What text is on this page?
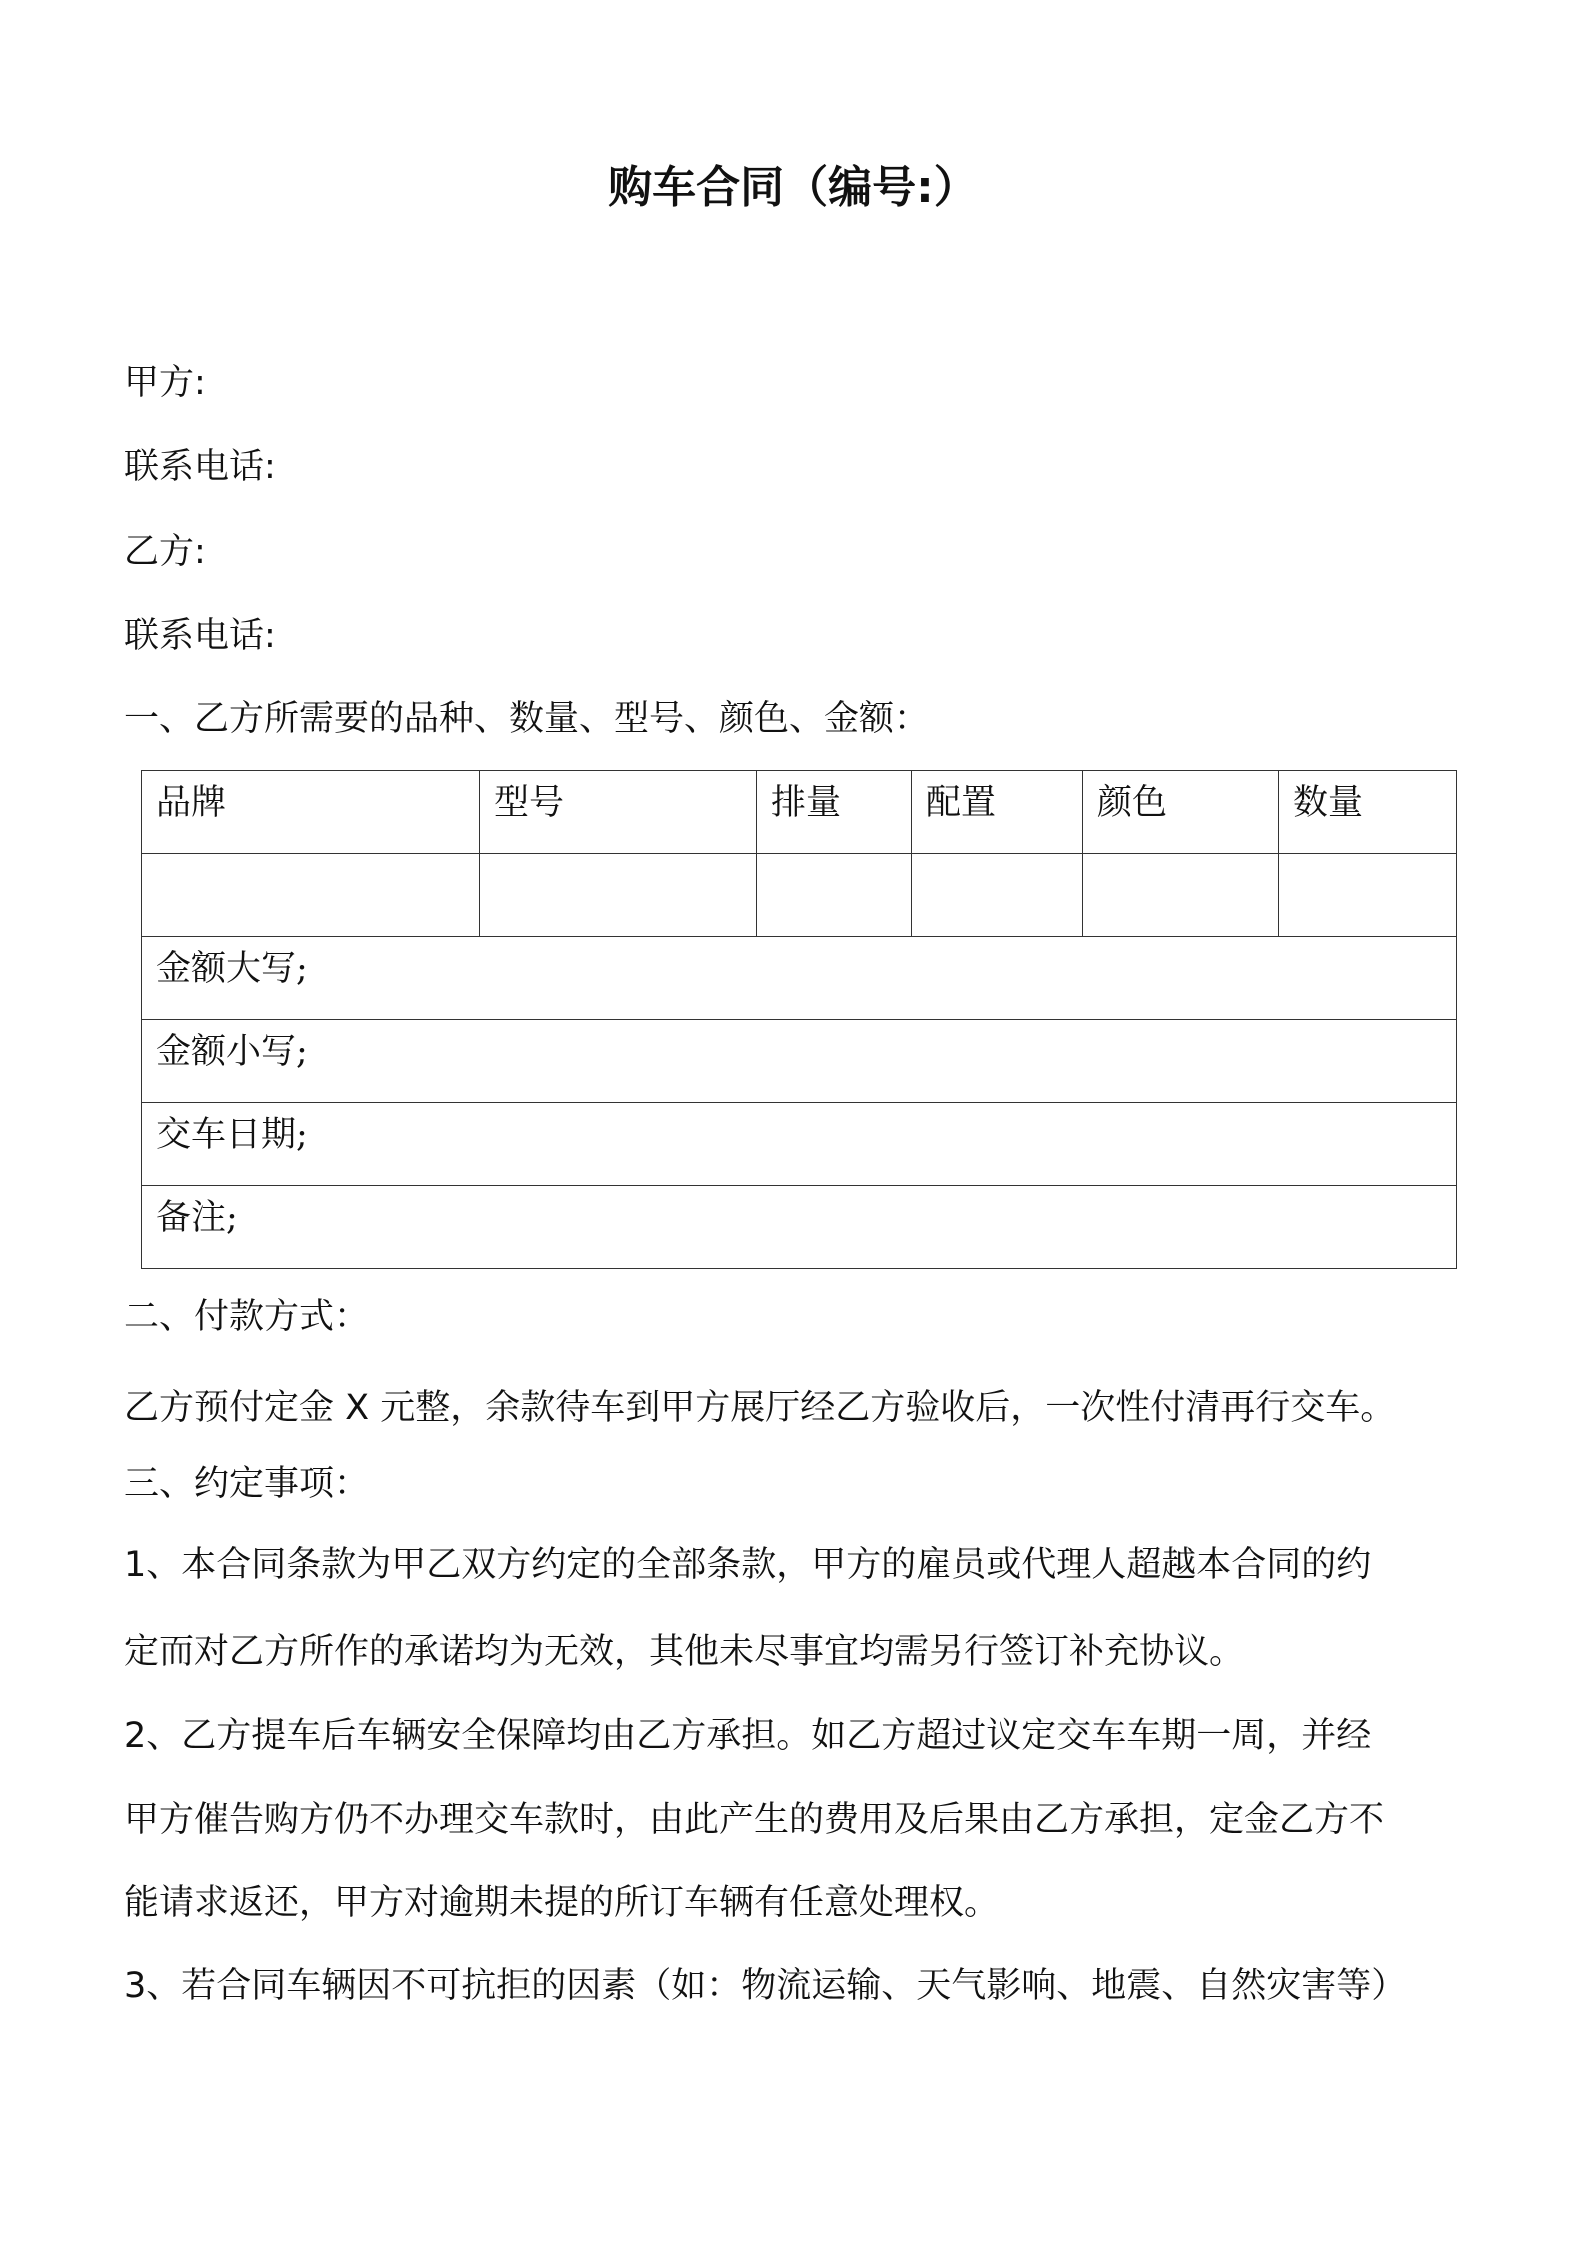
购车合同（编号:）
甲方:
联系电话:
乙方:
联系电话:
一、乙方所需要的品种、数量、型号、颜色、金额：
品牌	型号	排量	配置	颜色	数量

金额大写;					
金额小写;					
交车日期;					
备注;					
二、付款方式：
乙方预付定金 X 元整，余款待车到甲方展厅经乙方验收后，一次性付清再行交车。
三、约定事项：
1、本合同条款为甲乙双方约定的全部条款，甲方的雇员或代理人超越本合同的约
定而对乙方所作的承诺均为无效，其他未尽事宜均需另行签订补充协议。
2、乙方提车后车辆安全保障均由乙方承担。如乙方超过议定交车车期一周，并经
甲方催告购方仍不办理交车款时，由此产生的费用及后果由乙方承担，定金乙方不
能请求返还，甲方对逾期未提的所订车辆有任意处理权。
3、若合同车辆因不可抗拒的因素（如：物流运输、天气影响、地震、自然灾害等）
